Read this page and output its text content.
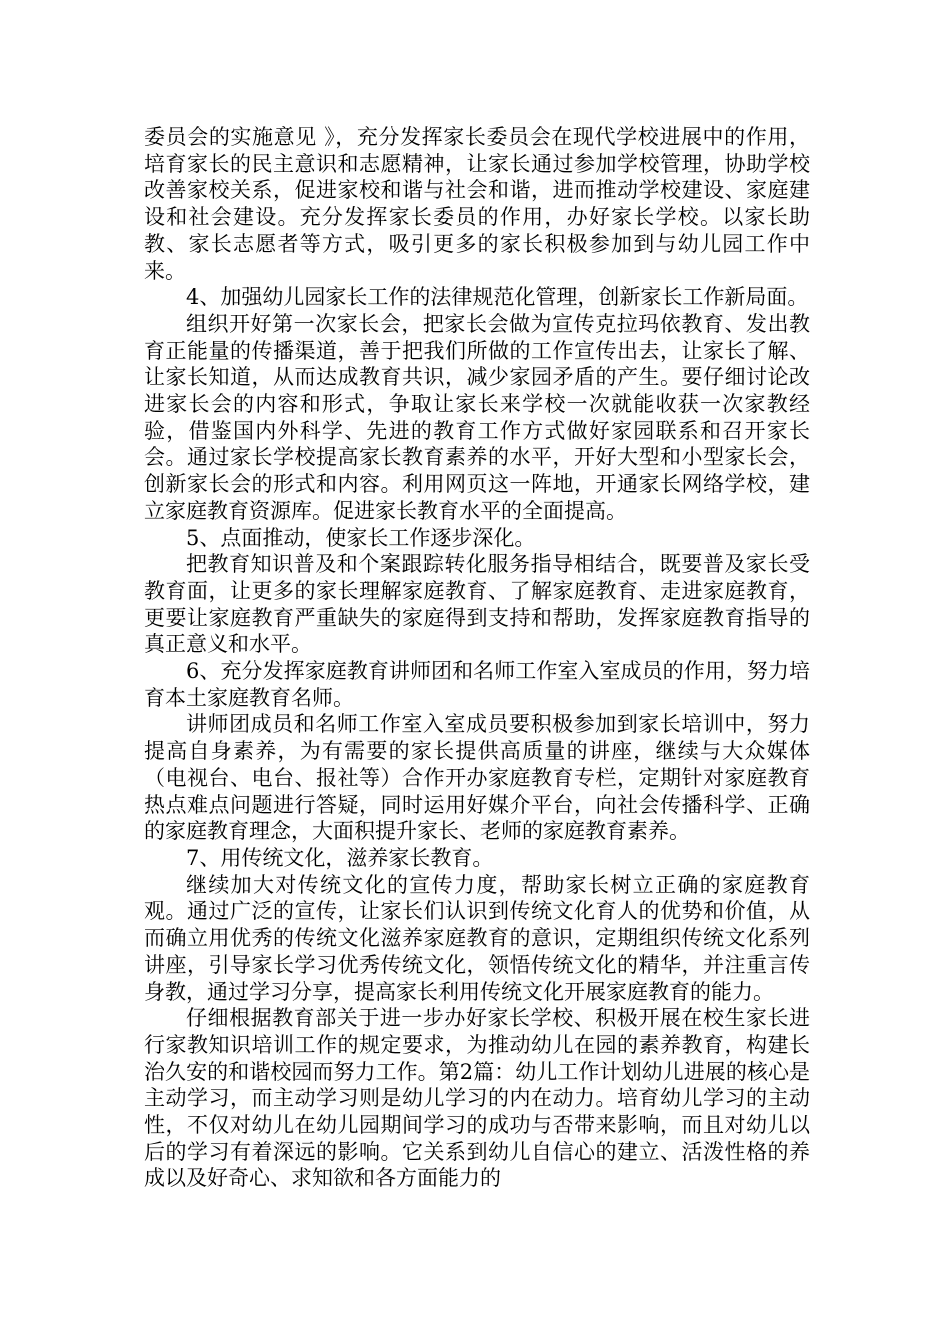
委员会的实施意见 》，充分发挥家长委员会在现代学校进展中的作用，培育家长的民主意识和志愿精神，让家长通过参加学校管理，协助学校改善家校关系，促进家校和谐与社会和谐，进而推动学校建设、家庭建设和社会建设。充分发挥家长委员的作用，办好家长学校。以家长助教、家长志愿者等方式，吸引更多的家长积极参加到与幼儿园工作中来。

4、加强幼儿园家长工作的法律规范化管理，创新家长工作新局面。

组织开好第一次家长会，把家长会做为宣传克拉玛依教育、发出教育正能量的传播渠道，善于把我们所做的工作宣传出去，让家长了解、让家长知道，从而达成教育共识，减少家园矛盾的产生。要仔细讨论改进家长会的内容和形式，争取让家长来学校一次就能收获一次家教经验，借鉴国内外科学、先进的教育工作方式做好家园联系和召开家长会。通过家长学校提高家长教育素养的水平，开好大型和小型家长会，创新家长会的形式和内容。利用网页这一阵地，开通家长网络学校，建立家庭教育资源库。促进家长教育水平的全面提高。

5、点面推动，使家长工作逐步深化。

把教育知识普及和个案跟踪转化服务指导相结合，既要普及家长受教育面，让更多的家长理解家庭教育、了解家庭教育、走进家庭教育，更要让家庭教育严重缺失的家庭得到支持和帮助，发挥家庭教育指导的真正意义和水平。

6、充分发挥家庭教育讲师团和名师工作室入室成员的作用，努力培育本土家庭教育名师。

讲师团成员和名师工作室入室成员要积极参加到家长培训中，努力提高自身素养，为有需要的家长提供高质量的讲座，继续与大众媒体（电视台、电台、报社等）合作开办家庭教育专栏，定期针对家庭教育热点难点问题进行答疑，同时运用好媒介平台，向社会传播科学、正确的家庭教育理念，大面积提升家长、老师的家庭教育素养。

7、用传统文化，滋养家长教育。

继续加大对传统文化的宣传力度，帮助家长树立正确的家庭教育观。通过广泛的宣传，让家长们认识到传统文化育人的优势和价值，从而确立用优秀的传统文化滋养家庭教育的意识，定期组织传统文化系列讲座，引导家长学习优秀传统文化，领悟传统文化的精华，并注重言传身教，通过学习分享，提高家长利用传统文化开展家庭教育的能力。

仔细根据教育部关于进一步办好家长学校、积极开展在校生家长进行家教知识培训工作的规定要求，为推动幼儿在园的素养教育，构建长治久安的和谐校园而努力工作。第2篇：幼儿工作计划幼儿进展的核心是主动学习，而主动学习则是幼儿学习的内在动力。培育幼儿学习的主动性，不仅对幼儿在幼儿园期间学习的成功与否带来影响，而且对幼儿以后的学习有着深远的影响。它关系到幼儿自信心的建立、活泼性格的养成以及好奇心、求知欲和各方面能力的
